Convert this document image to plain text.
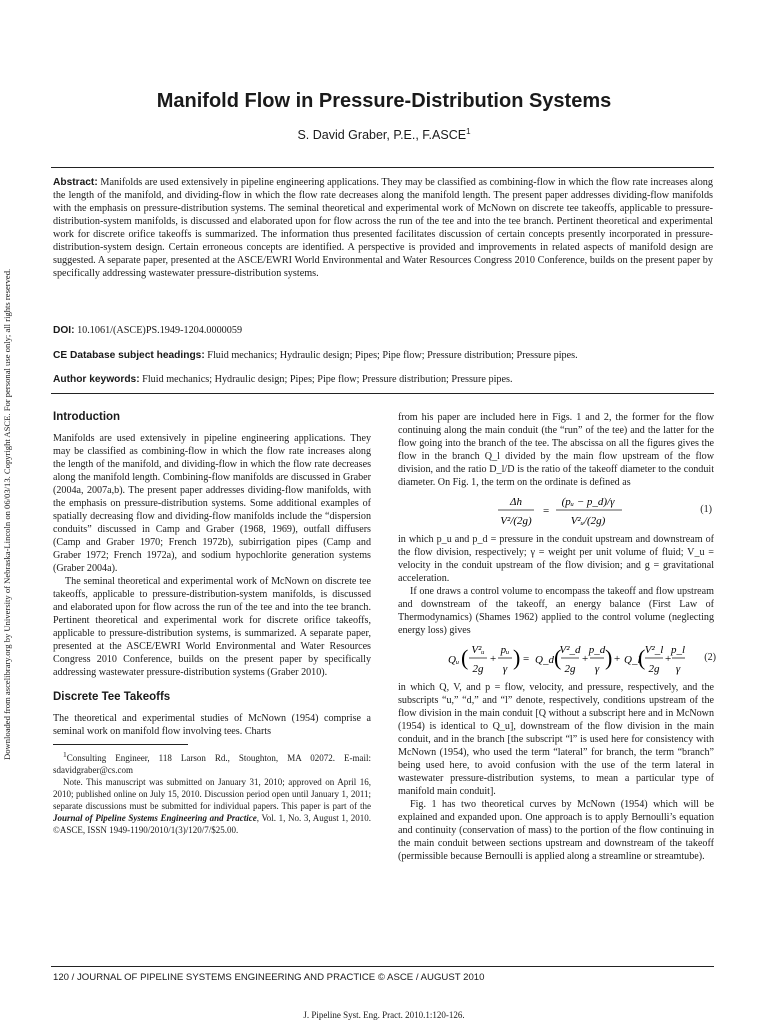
Downloaded from ascelibrary.org by University of Nebraska-Lincoln on 06/03/13. Copyright ASCE. For personal use only; all rights reserved.
Manifold Flow in Pressure-Distribution Systems
S. David Graber, P.E., F.ASCE$^1$
Abstract: Manifolds are used extensively in pipeline engineering applications. They may be classified as combining-flow in which the flow rate increases along the length of the manifold, and dividing-flow in which the flow rate decreases along the manifold length. The present paper addresses dividing-flow manifolds with the emphasis on pressure-distribution systems. The seminal theoretical and experimental work of McNown on discrete tee takeoffs, applicable to pressure-distribution-system manifolds, is discussed and elaborated upon for flow across the run of the tee and into the tee branch. Pertinent theoretical and experimental work for discrete orifice takeoffs is summarized. The information thus presented facilitates discussion of certain concepts presently incorporated in pressure-distribution-system design. Certain erroneous concepts are identified. A perspective is provided and improvements in related aspects of manifold design are suggested. A separate paper, presented at the ASCE/EWRI World Environmental and Water Resources Congress 2010 Conference, builds on the present paper by specifically addressing wastewater pressure-distribution systems.
DOI: 10.1061/(ASCE)PS.1949-1204.0000059
CE Database subject headings: Fluid mechanics; Hydraulic design; Pipes; Pipe flow; Pressure distribution; Pressure pipes.
Author keywords: Fluid mechanics; Hydraulic design; Pipes; Pipe flow; Pressure distribution; Pressure pipes.
Introduction

Manifolds are used extensively in pipeline engineering applications. They may be classified as combining-flow in which the flow rate increases along the length of the manifold, and dividing-flow in which the flow rate decreases along the manifold length. Combining-flow manifolds are discussed in Graber (2004a, 2007a,b). The present paper addresses dividing-flow manifolds, with the emphasis on pressure-distribution systems. Some additional examples of spatially decreasing flow and dividing-flow manifolds include the “dispersion conduits” discussed in Camp and Graber (1968, 1969), outfall diffusers (Camp and Graber 1970; French 1972b), subirrigation pipes (Camp and Graber 1972; French 1972a), and sodium hypochlorite generation systems (Graber 2004a).

The seminal theoretical and experimental work of McNown on discrete tee takeoffs, applicable to pressure-distribution-system manifolds, is discussed and elaborated upon for flow across the run of the tee and into the tee branch. Pertinent theoretical and experimental work for discrete orifice takeoffs, applicable to pressure-distribution systems, is summarized. A separate paper, presented at the ASCE/EWRI World Environmental and Water Resources Congress 2010 Conference, builds on the present paper by specifically addressing wastewater pressure-distribution systems (Graber 2010).

Discrete Tee Takeoffs

The theoretical and experimental studies of McNown (1954) comprise a seminal work on manifold flow involving tees. Charts

$^1$Consulting Engineer, 118 Larson Rd., Stoughton, MA 02072. E-mail: sdavidgraber@cs.com

Note. This manuscript was submitted on January 31, 2010; approved on April 16, 2010; published online on July 15, 2010. Discussion period open until January 1, 2011; separate discussions must be submitted for individual papers. This paper is part of the Journal of Pipeline Systems Engineering and Practice, Vol. 1, No. 3, August 1, 2010. ©ASCE, ISSN 1949-1190/2010/1(3)/120/7/$25.00.

from his paper are included here in Figs. 1 and 2, the former for the flow continuing along the main conduit (the “run” of the tee) and the latter for the flow going into the branch of the tee. The abscissa on all the figures gives the flow in the branch Q_l divided by the main flow upstream of the flow division, and the ratio D_l/D is the ratio of the takeoff diameter to the conduit diameter. On Fig. 1, the term on the ordinate is defined as

Δh
V²/(2g)
=
(pᵤ − p_d)/γ
V²ᵤ/(2g)
(1)

in which p_u and p_d = pressure in the conduit upstream and downstream of the flow division, respectively; γ = weight per unit volume of fluid; V_u = velocity in the conduit upstream of the flow division; and g = gravitational acceleration.

If one draws a control volume to encompass the takeoff and flow upstream and downstream of the takeoff, an energy balance (First Law of Thermodynamics) (Shames 1962) applied to the control volume (neglecting energy loss) gives

Qᵤ ( V²ᵤ
2g
+
pᵤ
γ ) = Q_d (
V²_d
2g
+
p_d
γ ) + Q_l
( V²_l
2g
+
p_l
γ
(2)

in which Q, V, and p = flow, velocity, and pressure, respectively, and the subscripts “u,” “d,” and “l” denote, respectively, conditions upstream of the flow division in the main conduit [Q without a subscript here and in McNown (1954) is identical to Q_u], downstream of the flow division in the main conduit, and in the branch [the subscript “l” is used here for consistency with McNown (1954), who used the term “lateral” for branch, the term “branch” being used here, to avoid confusion with the use of the term lateral in wastewater pressure-distribution systems, to mean a particular type of manifold main conduit].

Fig. 1 has two theoretical curves by McNown (1954) which will be explained and expanded upon. One approach is to apply Bernoulli’s equation and continuity (conservation of mass) to the portion of the flow continuing in the main conduit between sections upstream and downstream of the takeoff (permissible because Bernoulli is applied along a streamline or streamtube).

120 / JOURNAL OF PIPELINE SYSTEMS ENGINEERING AND PRACTICE © ASCE / AUGUST 2010
J. Pipeline Syst. Eng. Pract. 2010.1:120-126.
